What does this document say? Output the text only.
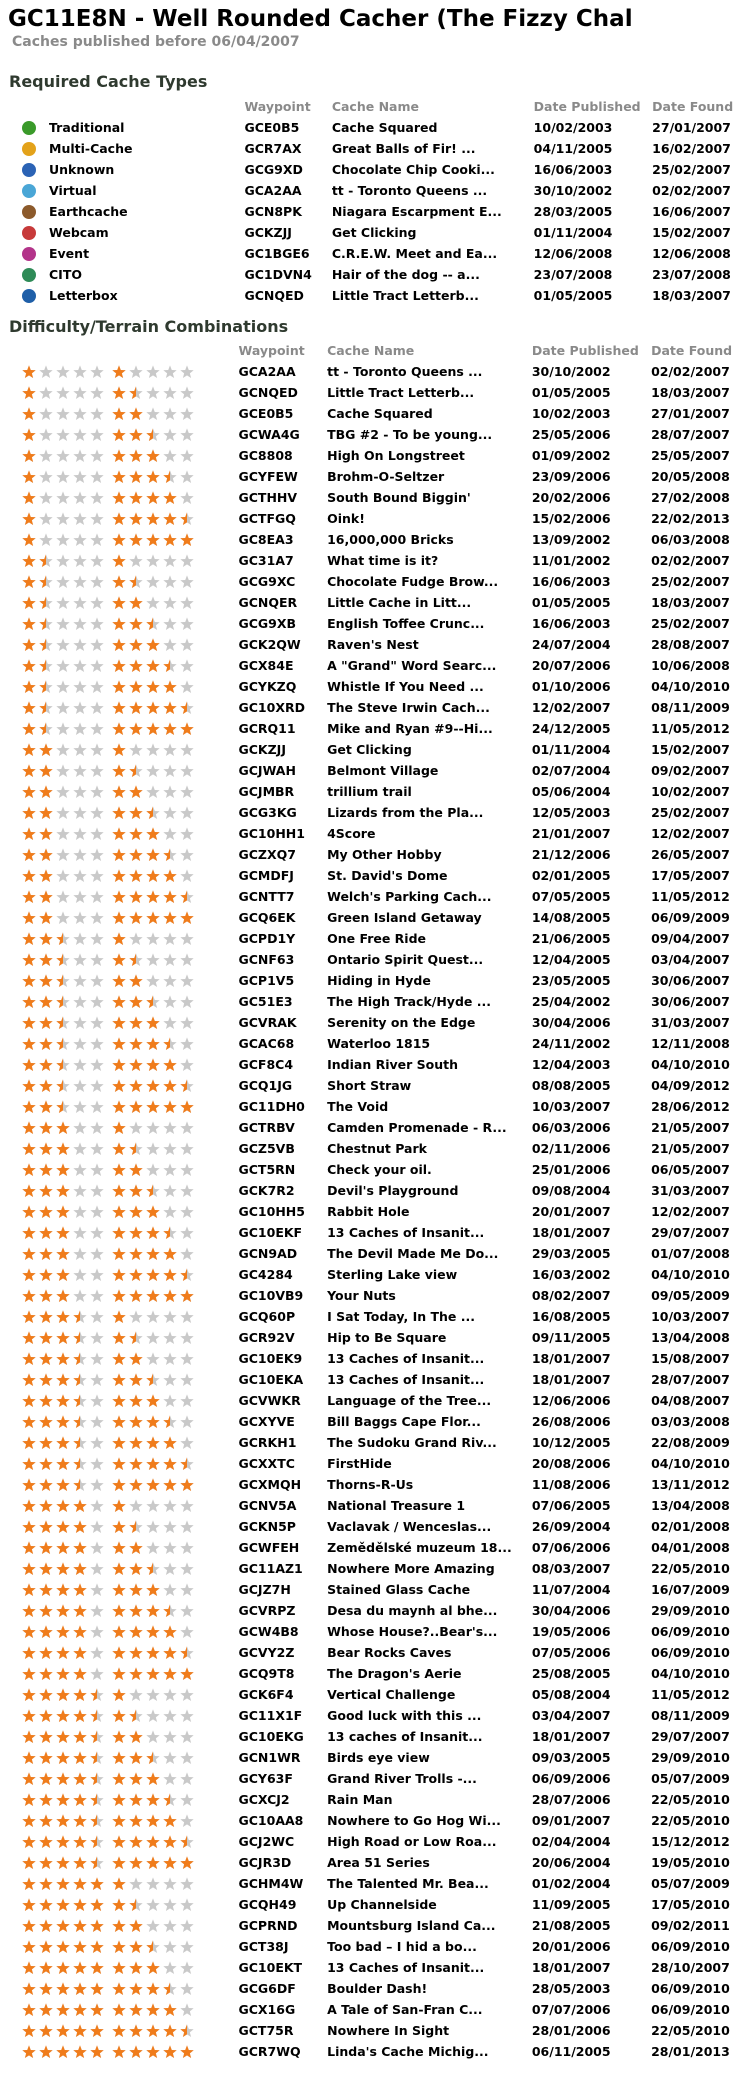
GC11E8N - Well Rounded Cacher (The Fizzy Chal
Caches published before 06/04/2007
Required Cache Types
		Waypoint	Cache Name	Date Published	Date Found
	Traditional	GCE0B5	Cache Squared	10/02/2003	27/01/2007
	Multi-Cache	GCR7AX	Great Balls of Fir! ...	04/11/2005	16/02/2007
	Unknown	GCG9XD	Chocolate Chip Cooki...	16/06/2003	25/02/2007
	Virtual	GCA2AA	tt - Toronto Queens ...	30/10/2002	02/02/2007
	Earthcache	GCN8PK	Niagara Escarpment E...	28/03/2005	16/06/2007
	Webcam	GCKZJJ	Get Clicking	01/11/2004	15/02/2007
	Event	GC1BGE6	C.R.E.W. Meet and Ea...	12/06/2008	12/06/2008
	CITO	GC1DVN4	Hair of the dog -- a...	23/07/2008	23/07/2008
	Letterbox	GCNQED	Little Tract Letterb...	01/05/2005	18/03/2007
Difficulty/Terrain Combinations
		Waypoint	Cache Name	Date Published	Date Found
	GCA2AA	tt - Toronto Queens ...	30/10/2002	02/02/2007
	GCNQED	Little Tract Letterb...	01/05/2005	18/03/2007
	GCE0B5	Cache Squared	10/02/2003	27/01/2007
	GCWA4G	TBG #2 - To be young...	25/05/2006	28/07/2007
	GC8808	High On Longstreet	01/09/2002	25/05/2007
	GCYFEW	Brohm-O-Seltzer	23/09/2006	20/05/2008
	GCTHHV	South Bound Biggin'	20/02/2006	27/02/2008
	GCTFGQ	Oink!	15/02/2006	22/02/2013
	GC8EA3	16,000,000 Bricks	13/09/2002	06/03/2008
	GC31A7	What time is it?	11/01/2002	02/02/2007
	GCG9XC	Chocolate Fudge Brow...	16/06/2003	25/02/2007
	GCNQER	Little Cache in Litt...	01/05/2005	18/03/2007
	GCG9XB	English Toffee Crunc...	16/06/2003	25/02/2007
	GCK2QW	Raven's Nest	24/07/2004	28/08/2007
	GCX84E	A "Grand" Word Searc...	20/07/2006	10/06/2008
	GCYKZQ	Whistle If You Need ...	01/10/2006	04/10/2010
	GC10XRD	The Steve Irwin Cach...	12/02/2007	08/11/2009
	GCRQ11	Mike and Ryan #9--Hi...	24/12/2005	11/05/2012
	GCKZJJ	Get Clicking	01/11/2004	15/02/2007
	GCJWAH	Belmont Village	02/07/2004	09/02/2007
	GCJMBR	trillium trail	05/06/2004	10/02/2007
	GCG3KG	Lizards from the Pla...	12/05/2003	25/02/2007
	GC10HH1	4Score	21/01/2007	12/02/2007
	GCZXQ7	My Other Hobby	21/12/2006	26/05/2007
	GCMDFJ	St. David's Dome	02/01/2005	17/05/2007
	GCNTT7	Welch's Parking Cach...	07/05/2005	11/05/2012
	GCQ6EK	Green Island Getaway	14/08/2005	06/09/2009
	GCPD1Y	One Free Ride	21/06/2005	09/04/2007
	GCNF63	Ontario Spirit Quest...	12/04/2005	03/04/2007
	GCP1V5	Hiding in Hyde	23/05/2005	30/06/2007
	GC51E3	The High Track/Hyde ...	25/04/2002	30/06/2007
	GCVRAK	Serenity on the Edge	30/04/2006	31/03/2007
	GCAC68	Waterloo 1815	24/11/2002	12/11/2008
	GCF8C4	Indian River South	12/04/2003	04/10/2010
	GCQ1JG	Short Straw	08/08/2005	04/09/2012
	GC11DH0	The Void	10/03/2007	28/06/2012
	GCTRBV	Camden Promenade - R...	06/03/2006	21/05/2007
	GCZ5VB	Chestnut Park	02/11/2006	21/05/2007
	GCT5RN	Check your oil.	25/01/2006	06/05/2007
	GCK7R2	Devil's Playground	09/08/2004	31/03/2007
	GC10HH5	Rabbit Hole	20/01/2007	12/02/2007
	GC10EKF	13 Caches of Insanit...	18/01/2007	29/07/2007
	GCN9AD	The Devil Made Me Do...	29/03/2005	01/07/2008
	GC4284	Sterling Lake view	16/03/2002	04/10/2010
	GC10VB9	Your Nuts	08/02/2007	09/05/2009
	GCQ60P	I Sat Today, In The ...	16/08/2005	10/03/2007
	GCR92V	Hip to Be Square	09/11/2005	13/04/2008
	GC10EK9	13 Caches of Insanit...	18/01/2007	15/08/2007
	GC10EKA	13 Caches of Insanit...	18/01/2007	28/07/2007
	GCVWKR	Language of the Tree...	12/06/2006	04/08/2007
	GCXYVE	Bill Baggs Cape Flor...	26/08/2006	03/03/2008
	GCRKH1	The Sudoku Grand Riv...	10/12/2005	22/08/2009
	GCXXTC	FirstHide	20/08/2006	04/10/2010
	GCXMQH	Thorns-R-Us	11/08/2006	13/11/2012
	GCNV5A	National Treasure 1	07/06/2005	13/04/2008
	GCKN5P	Vaclavak / Wenceslas...	26/09/2004	02/01/2008
	GCWFEH	Zemědělské muzeum 18...	07/06/2006	04/01/2008
	GC11AZ1	Nowhere More Amazing	08/03/2007	22/05/2010
	GCJZ7H	Stained Glass Cache	11/07/2004	16/07/2009
	GCVRPZ	Desa du maynh al bhe...	30/04/2006	29/09/2010
	GCW4B8	Whose House?..Bear's...	19/05/2006	06/09/2010
	GCVY2Z	Bear Rocks Caves	07/05/2006	06/09/2010
	GCQ9T8	The Dragon's Aerie	25/08/2005	04/10/2010
	GCK6F4	Vertical Challenge	05/08/2004	11/05/2012
	GC11X1F	Good luck with this ...	03/04/2007	08/11/2009
	GC10EKG	13 caches of Insanit...	18/01/2007	29/07/2007
	GCN1WR	Birds eye view	09/03/2005	29/09/2010
	GCY63F	Grand River Trolls -...	06/09/2006	05/07/2009
	GCXCJ2	Rain Man	28/07/2006	22/05/2010
	GC10AA8	Nowhere to Go Hog Wi...	09/01/2007	22/05/2010
	GCJ2WC	High Road or Low Roa...	02/04/2004	15/12/2012
	GCJR3D	Area 51 Series	20/06/2004	19/05/2010
	GCHM4W	The Talented Mr. Bea...	01/02/2004	05/07/2009
	GCQH49	Up Channelside	11/09/2005	17/05/2010
	GCPRND	Mountsburg Island Ca...	21/08/2005	09/02/2011
	GCT38J	Too bad – I hid a bo...	20/01/2006	06/09/2010
	GC10EKT	13 Caches of Insanit...	18/01/2007	28/10/2007
	GCG6DF	Boulder Dash!	28/05/2003	06/09/2010
	GCX16G	A Tale of San-Fran C...	07/07/2006	06/09/2010
	GCT75R	Nowhere In Sight	28/01/2006	22/05/2010
	GCR7WQ	Linda's Cache Michig...	06/11/2005	28/01/2013
